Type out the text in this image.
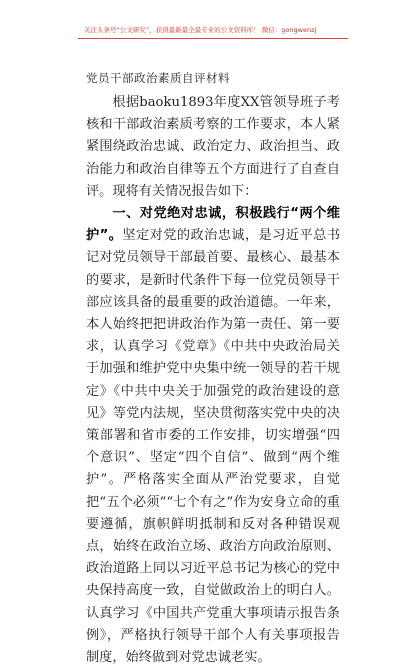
关注头条号“公文研究”，获得最新最全最专业的公文资料库！ 微信：gongwenzj
党员干部政治素质自评材料

根据baoku1893年度XX管领导班子考核和干部政治素质考察的工作要求，本人紧紧围绕政治忠诚、政治定力、政治担当、政治能力和政治自律等五个方面进行了自查自评。现将有关情况报告如下：

一、对党绝对忠诚，积极践行“两个维护”。坚定对党的政治忠诚，是习近平总书记对党员领导干部最首要、最核心、最基本的要求，是新时代条件下每一位党员领导干部应该具备的最重要的政治道德。一年来，本人始终把把讲政治作为第一责任、第一要求，认真学习《党章》《中共中央政治局关于加强和维护党中央集中统一领导的若干规定》《中共中央关于加强党的政治建设的意见》等党内法规，坚决贯彻落实党中央的决策部署和省市委的工作安排，切实增强“四个意识”、坚定“四个自信”、做到“两个维护”。严格落实全面从严治党要求，自觉把“五个必须”“七个有之”作为安身立命的重要遵循，旗帜鲜明抵制和反对各种错误观点，始终在政治立场、政治方向政治原则、政治道路上同以习近平总书记为核心的党中央保持高度一致，自觉做政治上的明白人。认真学习《中国共产党重大事项请示报告条例》，严格执行领导干部个人有关事项报告制度，始终做到对党忠诚老实。
